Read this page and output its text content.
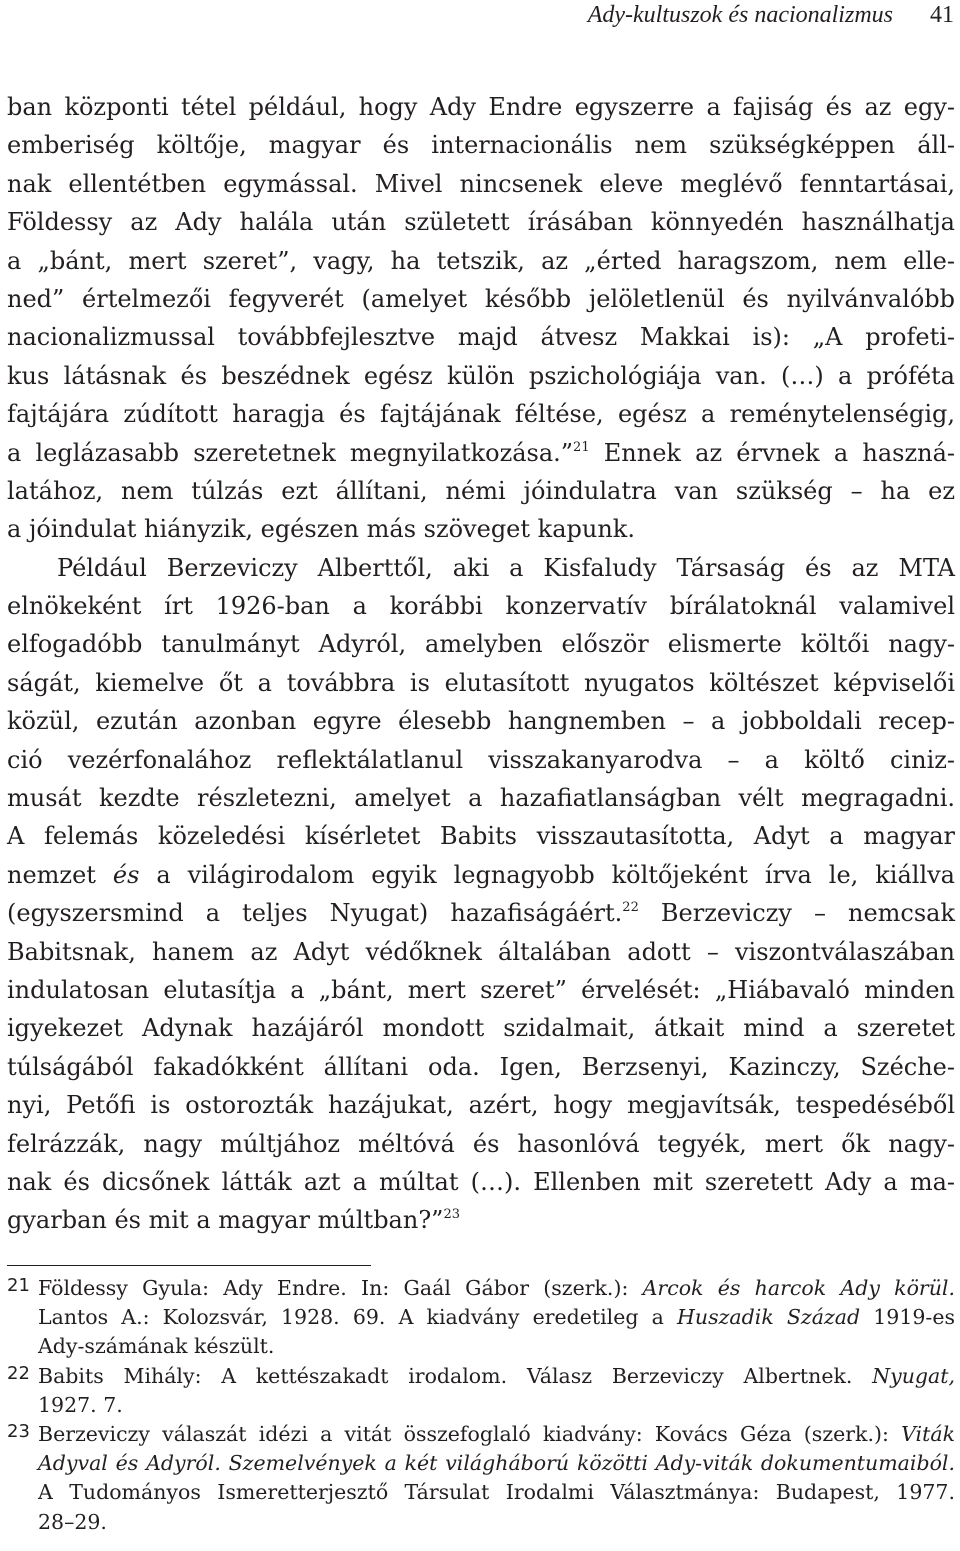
Ady-kultuszok és nacionalizmus 41
ban központi tétel például, hogy Ady Endre egyszerre a fajiság és az egy-
emberiség költője, magyar és internacionális nem szükségképpen áll-
nak ellentétben egymással. Mivel nincsenek eleve meglévő fenntartásai,
Földessy az Ady halála után született írásában könnyedén használhatja
a „bánt, mert szeret”, vagy, ha tetszik, az „érted haragszom, nem elle-
ned” értelmezői fegyverét (amelyet később jelöletlenül és nyilvánvalóbb
nacionalizmussal továbbfejlesztve majd átvesz Makkai is): „A profeti-
kus látásnak és beszédnek egész külön pszichológiája van. (…) a próféta
fajtájára zúdított haragja és fajtájának féltése, egész a reménytelenségig,
a leglázasabb szeretetnek megnyilatkozása.”$^{21}$ Ennek az érvnek a haszná-
latához, nem túlzás ezt állítani, némi jóindulatra van szükség – ha ez
a jóindulat hiányzik, egészen más szöveget kapunk.
Például Berzeviczy Alberttől, aki a Kisfaludy Társaság és az MTA
elnökeként írt 1926-ban a korábbi konzervatív bírálatoknál valamivel
elfogadóbb tanulmányt Adyról, amelyben először elismerte költői nagy-
ságát, kiemelve őt a továbbra is elutasított nyugatos költészet képviselői
közül, ezután azonban egyre élesebb hangnemben – a jobboldali recep-
ció vezérfonalához reflektálatlanul visszakanyarodva – a költő ciniz-
musát kezdte részletezni, amelyet a hazafiatlanságban vélt megragadni.
A felemás közeledési kísérletet Babits visszautasította, Adyt a magyar
nemzet és a világirodalom egyik legnagyobb költőjeként írva le, kiállva
(egyszersmind a teljes Nyugat) hazafiságáért.$^{22}$ Berzeviczy – nemcsak
Babitsnak, hanem az Adyt védőknek általában adott – viszontválaszában
indulatosan elutasítja a „bánt, mert szeret” érvelését: „Hiábavaló minden
igyekezet Adynak hazájáról mondott szidalmait, átkait mind a szeretet
túlságából fakadókként állítani oda. Igen, Berzsenyi, Kazinczy, Széche-
nyi, Petőfi is ostorozták hazájukat, azért, hogy megjavítsák, tespedéséből
felrázzák, nagy múltjához méltóvá és hasonlóvá tegyék, mert ők nagy-
nak és dicsőnek látták azt a múltat (…). Ellenben mit szeretett Ady a ma-
gyarban és mit a magyar múltban?”$^{23}$
21 Földessy Gyula: Ady Endre. In: Gaál Gábor (szerk.): Arcok és harcok Ady körül.
Lantos A.: Kolozsvár, 1928. 69. A kiadvány eredetileg a Huszadik Század 1919-es
Ady-számának készült.
22 Babits Mihály: A kettészakadt irodalom. Válasz Berzeviczy Albertnek. Nyugat,
1927. 7.
23 Berzeviczy válaszát idézi a vitát összefoglaló kiadvány: Kovács Géza (szerk.): Viták
Adyval és Adyról. Szemelvények a két világháború közötti Ady-viták dokumentumaiból.
A Tudományos Ismeretterjesztő Társulat Irodalmi Választmánya: Budapest, 1977.
28–29.
